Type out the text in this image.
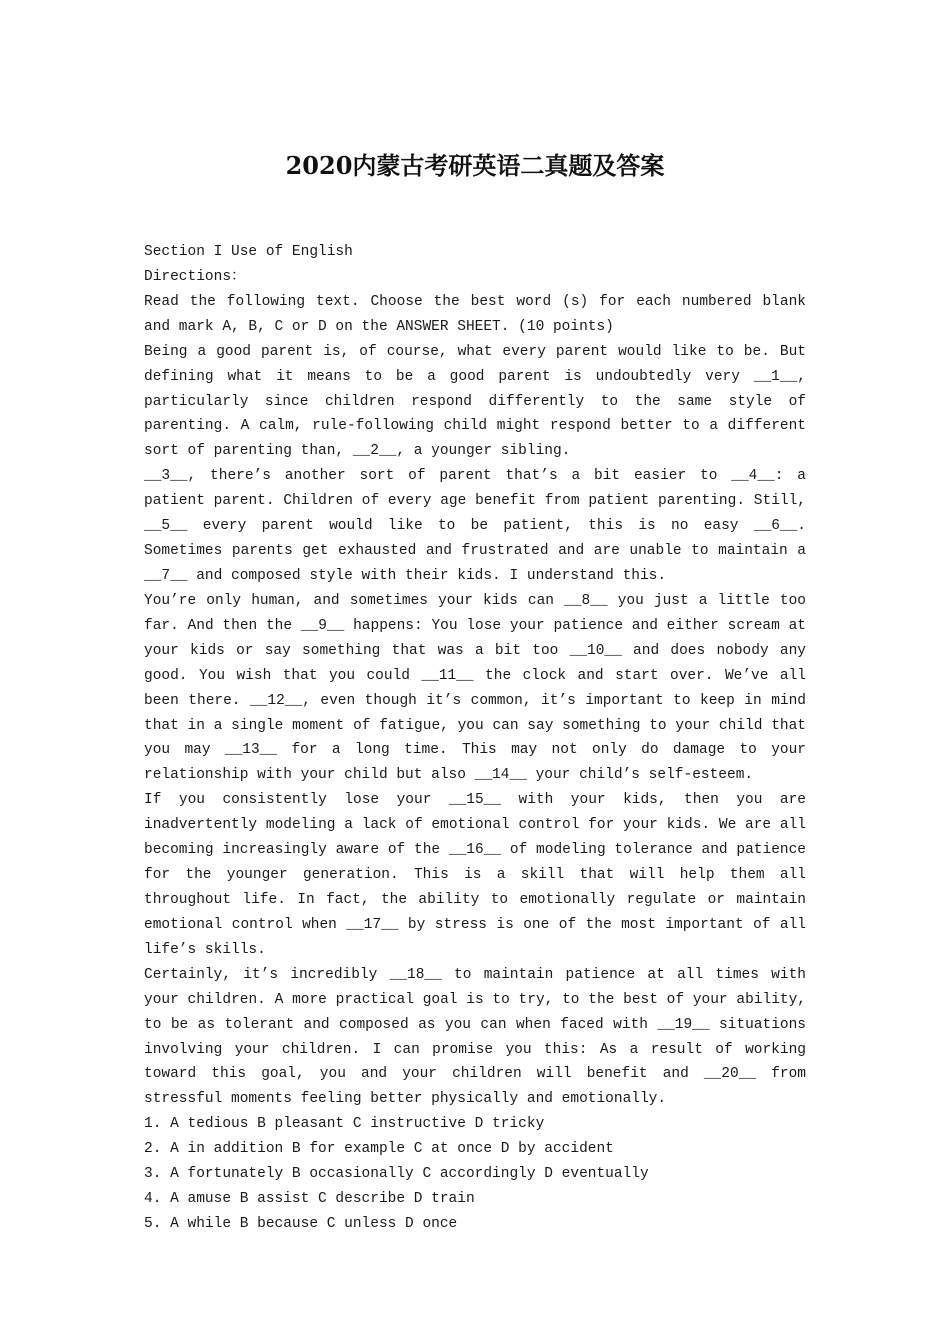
2020内蒙古考研英语二真题及答案

Section I Use of English

Directions：

Read the following text. Choose the best word (s) for each numbered blank and mark A, B, C or D on the ANSWER SHEET. (10 points)

Being a good parent is, of course, what every parent would like to be. But defining what it means to be a good parent is undoubtedly very __1__, particularly since children respond differently to the same style of parenting. A calm, rule-following child might respond better to a different sort of parenting than, __2__, a younger sibling.

__3__, there’s another sort of parent that’s a bit easier to __4__: a patient parent. Children of every age benefit from patient parenting. Still, __5__ every parent would like to be patient, this is no easy __6__. Sometimes parents get exhausted and frustrated and are unable to maintain a __7__ and composed style with their kids. I understand this.

You’re only human, and sometimes your kids can __8__ you just a little too far. And then the __9__ happens: You lose your patience and either scream at your kids or say something that was a bit too __10__ and does nobody any good. You wish that you could __11__ the clock and start over. We’ve all been there. __12__, even though it’s common, it’s important to keep in mind that in a single moment of fatigue, you can say something to your child that you may __13__ for a long time. This may not only do damage to your relationship with your child but also __14__ your child’s self-esteem.

If you consistently lose your __15__ with your kids, then you are inadvertently modeling a lack of emotional control for your kids. We are all becoming increasingly aware of the __16__ of modeling tolerance and patience for the younger generation. This is a skill that will help them all throughout life. In fact, the ability to emotionally regulate or maintain emotional control when __17__ by stress is one of the most important of all life’s skills.

Certainly, it’s incredibly __18__ to maintain patience at all times with your children. A more practical goal is to try, to the best of your ability, to be as tolerant and composed as you can when faced with __19__ situations involving your children. I can promise you this: As a result of working toward this goal, you and your children will benefit and __20__ from stressful moments feeling better physically and emotionally.

1. A tedious B pleasant C instructive D tricky

2. A in addition B for example C at once D by accident

3. A fortunately B occasionally C accordingly D eventually

4. A amuse B assist C describe D train

5. A while B because C unless D once
